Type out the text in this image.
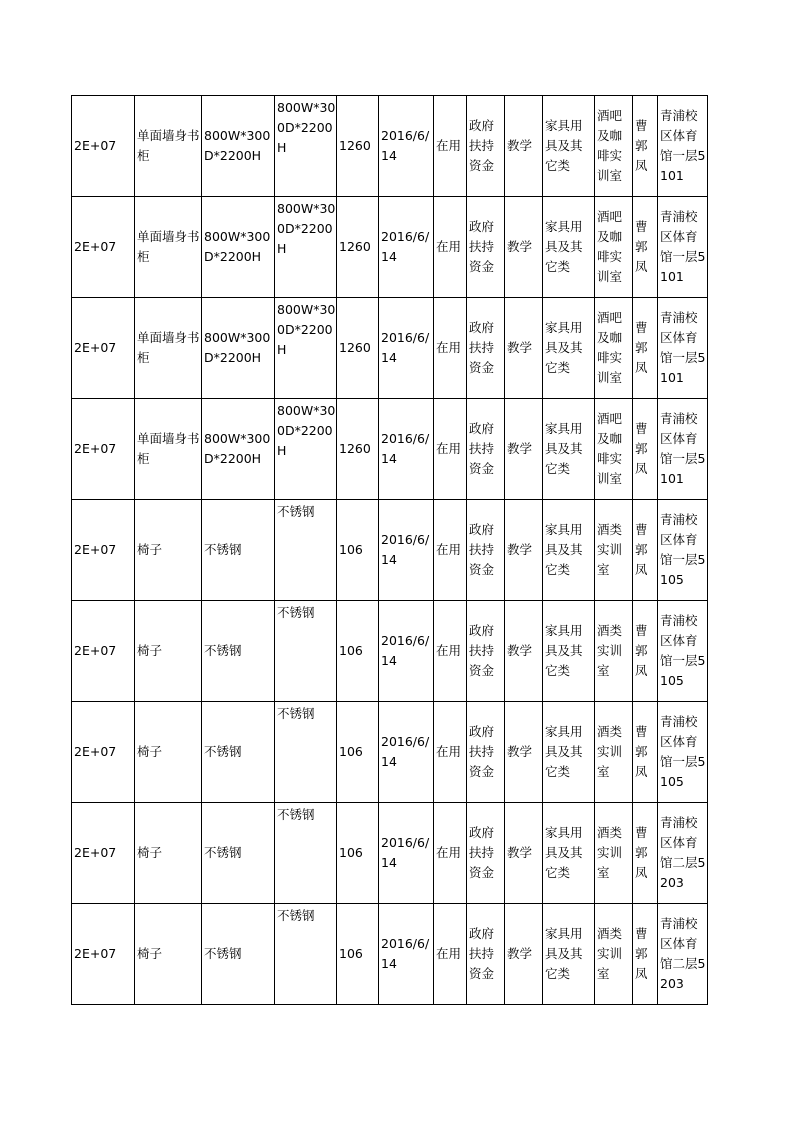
2E+07	单面墙身书柜	800W*300D*2200H	800W*300D*2200H	1260	2016/6/14	在用	政府扶持资金	教学	家具用具及其它类	酒吧及咖啡实训室	曹郭凤	青浦校区体育馆一层5101
2E+07	单面墙身书柜	800W*300D*2200H	800W*300D*2200H	1260	2016/6/14	在用	政府扶持资金	教学	家具用具及其它类	酒吧及咖啡实训室	曹郭凤	青浦校区体育馆一层5101
2E+07	单面墙身书柜	800W*300D*2200H	800W*300D*2200H	1260	2016/6/14	在用	政府扶持资金	教学	家具用具及其它类	酒吧及咖啡实训室	曹郭凤	青浦校区体育馆一层5101
2E+07	单面墙身书柜	800W*300D*2200H	800W*300D*2200H	1260	2016/6/14	在用	政府扶持资金	教学	家具用具及其它类	酒吧及咖啡实训室	曹郭凤	青浦校区体育馆一层5101
2E+07	椅子	不锈钢	不锈钢	106	2016/6/14	在用	政府扶持资金	教学	家具用具及其它类	酒类实训室	曹郭凤	青浦校区体育馆一层5105
2E+07	椅子	不锈钢	不锈钢	106	2016/6/14	在用	政府扶持资金	教学	家具用具及其它类	酒类实训室	曹郭凤	青浦校区体育馆一层5105
2E+07	椅子	不锈钢	不锈钢	106	2016/6/14	在用	政府扶持资金	教学	家具用具及其它类	酒类实训室	曹郭凤	青浦校区体育馆一层5105
2E+07	椅子	不锈钢	不锈钢	106	2016/6/14	在用	政府扶持资金	教学	家具用具及其它类	酒类实训室	曹郭凤	青浦校区体育馆二层5203
2E+07	椅子	不锈钢	不锈钢	106	2016/6/14	在用	政府扶持资金	教学	家具用具及其它类	酒类实训室	曹郭凤	青浦校区体育馆二层5203
